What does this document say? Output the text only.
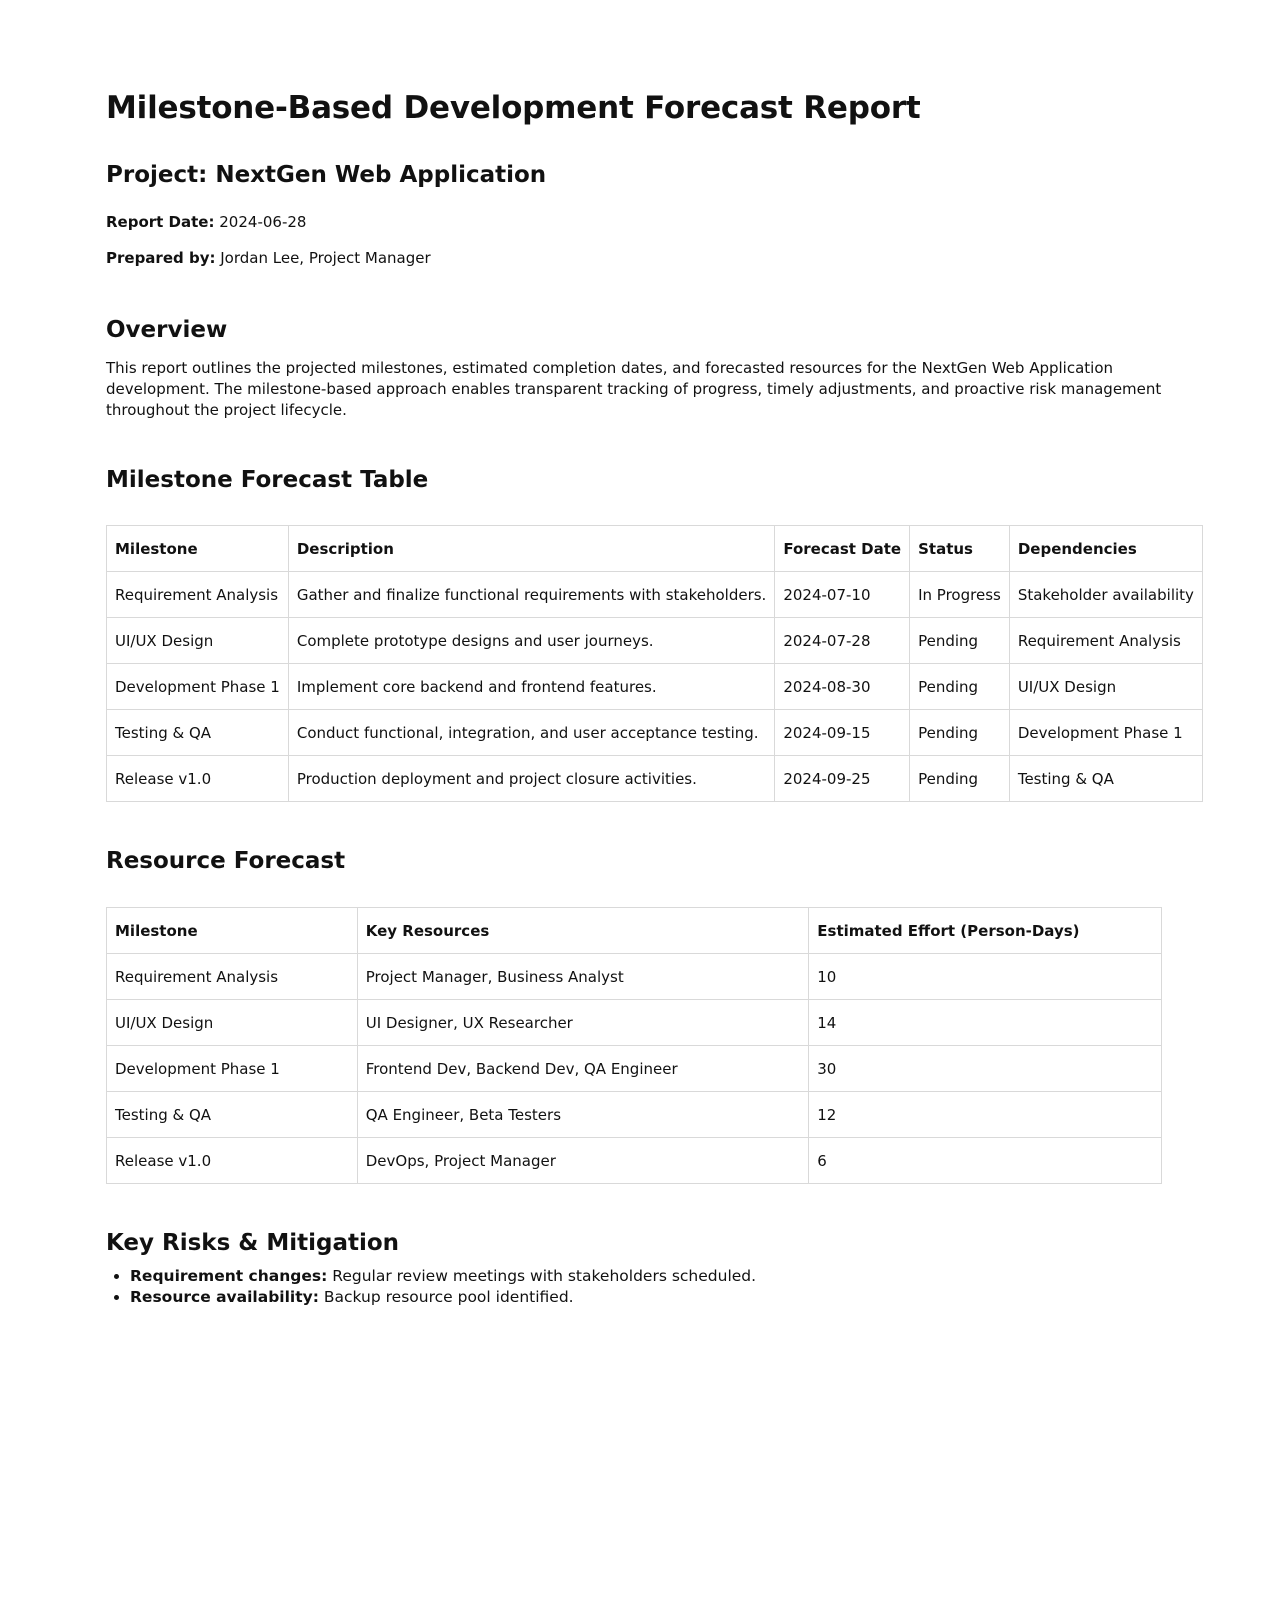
Milestone-Based Development Forecast Report
Project: NextGen Web Application

Report Date: 2024-06-28

Prepared by: Jordan Lee, Project Manager

Overview

This report outlines the projected milestones, estimated completion dates, and forecasted resources for the NextGen Web Application development. The milestone-based approach enables transparent tracking of progress, timely adjustments, and proactive risk management throughout the project lifecycle.

Milestone Forecast Table
Milestone	Description	Forecast Date	Status	Dependencies
Requirement Analysis	Gather and finalize functional requirements with stakeholders.	2024-07-10	In Progress	Stakeholder availability
UI/UX Design	Complete prototype designs and user journeys.	2024-07-28	Pending	Requirement Analysis
Development Phase 1	Implement core backend and frontend features.	2024-08-30	Pending	UI/UX Design
Testing & QA	Conduct functional, integration, and user acceptance testing.	2024-09-15	Pending	Development Phase 1
Release v1.0	Production deployment and project closure activities.	2024-09-25	Pending	Testing & QA
Resource Forecast
Milestone	Key Resources	Estimated Effort (Person-Days)
Requirement Analysis	Project Manager, Business Analyst	10
UI/UX Design	UI Designer, UX Researcher	14
Development Phase 1	Frontend Dev, Backend Dev, QA Engineer	30
Testing & QA	QA Engineer, Beta Testers	12
Release v1.0	DevOps, Project Manager	6
Key Risks & Mitigation
• Requirement changes: Regular review meetings with stakeholders scheduled.
• Resource availability: Backup resource pool identified.
